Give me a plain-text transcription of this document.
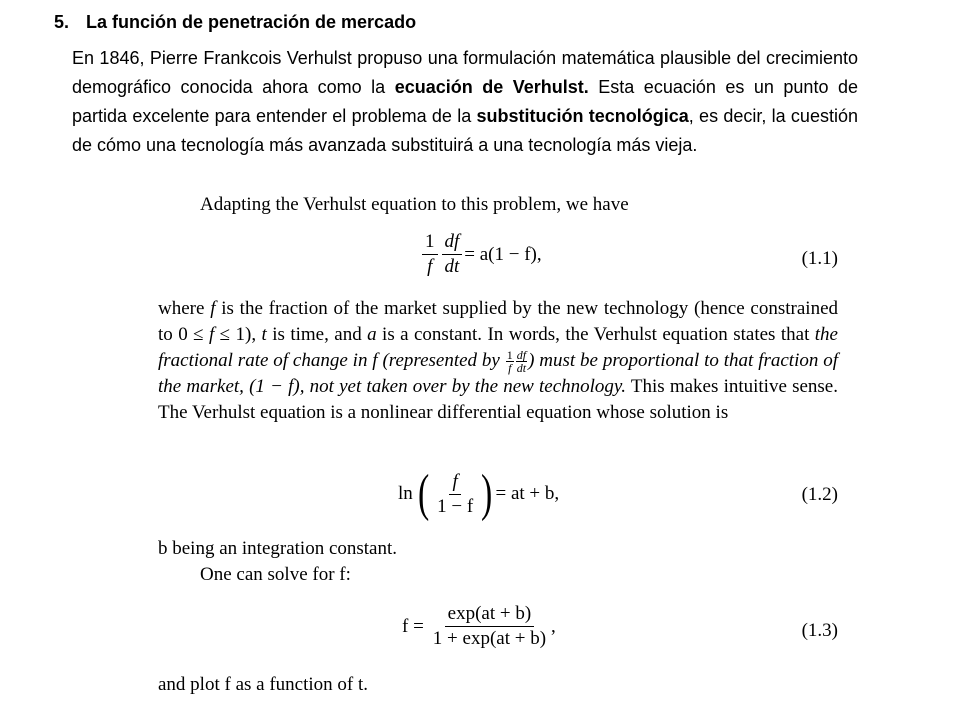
5. La función de penetración de mercado
En 1846, Pierre Frankcois Verhulst propuso una formulación matemática plausible del crecimiento demográfico conocida ahora como la ecuación de Verhulst. Esta ecuación es un punto de partida excelente para entender el problema de la substitución tecnológica, es decir, la cuestión de cómo una tecnología más avanzada substituirá a una tecnología más vieja.
Adapting the Verhulst equation to this problem, we have
$\frac{1}{f} \frac{df}{dt} = a(1 - f)$,	(1.1)

where f is the fraction of the market supplied by the new technology (hence constrained to 0 ≤ f ≤ 1), t is time, and a is a constant. In words, the Verhulst equation states that the fractional rate of change in f (represented by $\frac{1}{f} \frac{df}{dt}$ ) must be proportional to that fraction of the market, (1 − f), not yet taken over by the new technology. This makes intuitive sense. The Verhulst equation is a nonlinear differential equation whose solution is

ln ( $\frac{f}{1 - f}$ ) = at + b,	(1.2)
b being an integration constant.
One can solve for f:
$f = \frac{\exp(at + b)}{1 + \exp(at + b)}$ ,	(1.3)
and plot f as a function of t.
